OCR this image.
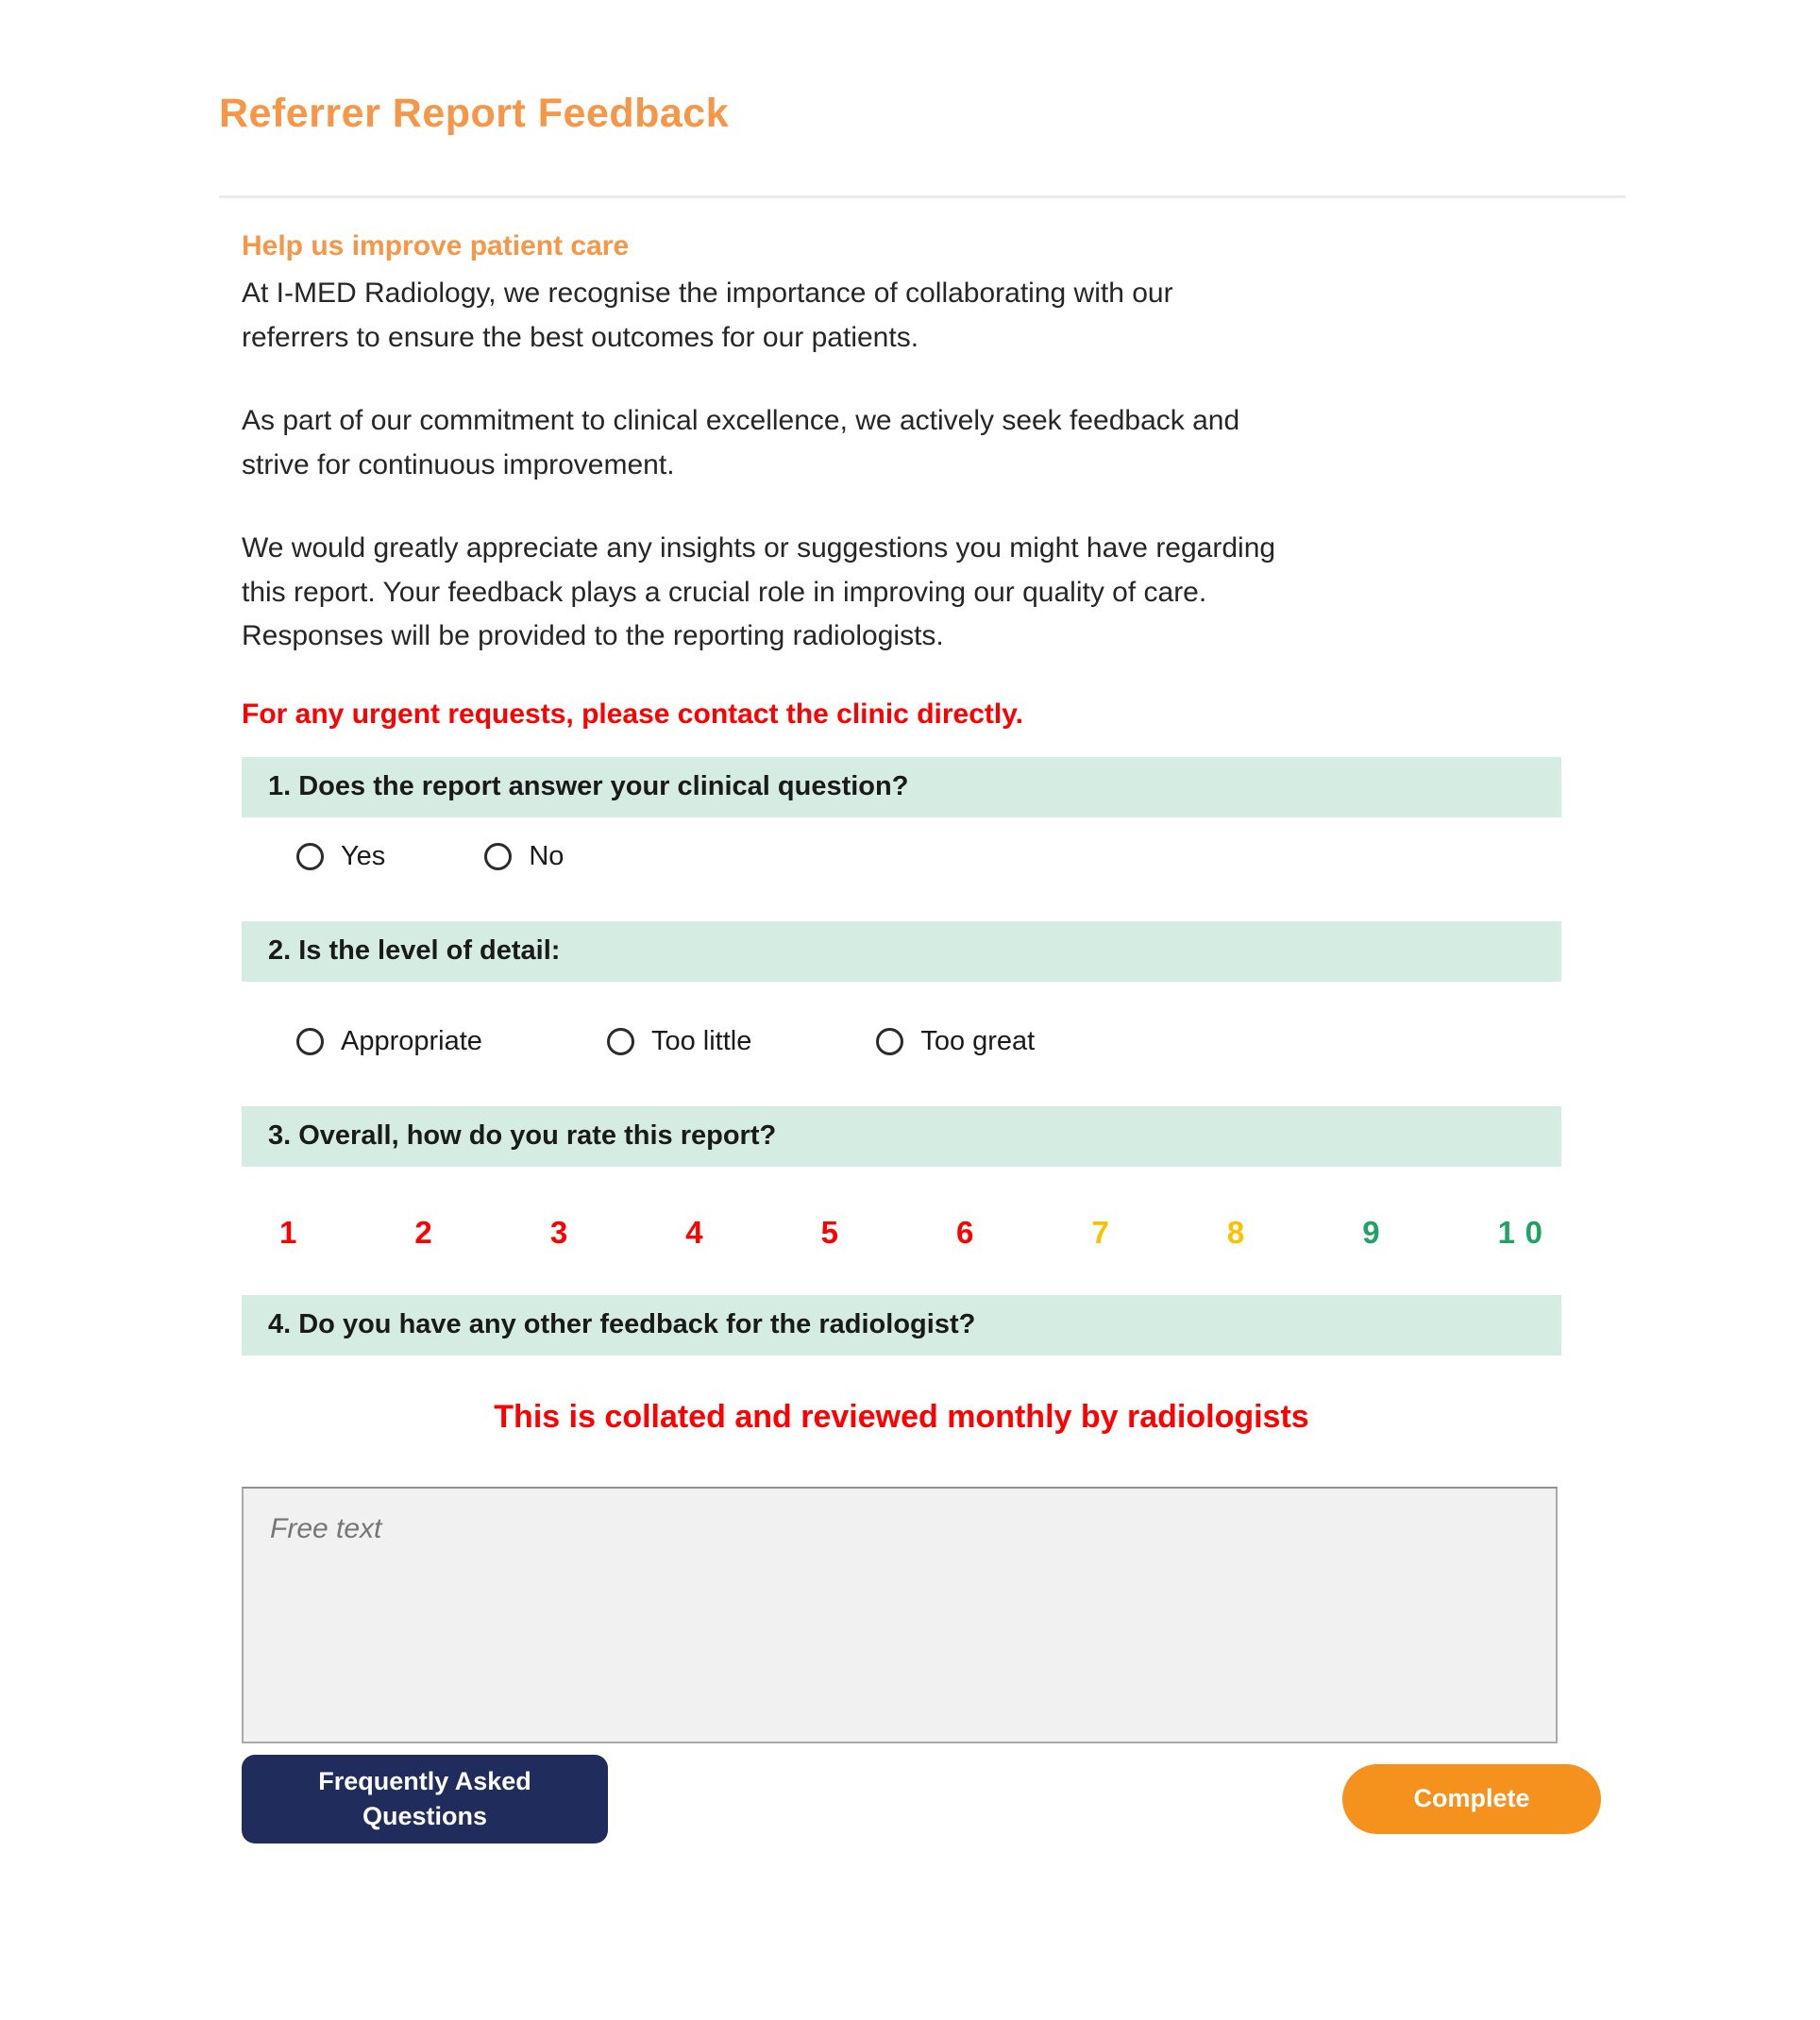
Referrer Report Feedback
Help us improve patient care

At I-MED Radiology, we recognise the importance of collaborating with our referrers to ensure the best outcomes for our patients.

As part of our commitment to clinical excellence, we actively seek feedback and strive for continuous improvement.

We would greatly appreciate any insights or suggestions you might have regarding this report. Your feedback plays a crucial role in improving our quality of care. Responses will be provided to the reporting radiologists.

For any urgent requests, please contact the clinic directly.

1. Does the report answer your clinical question?
Yes	No
2. Is the level of detail:
Appropriate	Too little	Too great
3. Overall, how do you rate this report?
1	2	3	4	5	6	7	8	9	10
4. Do you have any other feedback for the radiologist?

This is collated and reviewed monthly by radiologists

Free text
Frequently Asked Questions
Complete
